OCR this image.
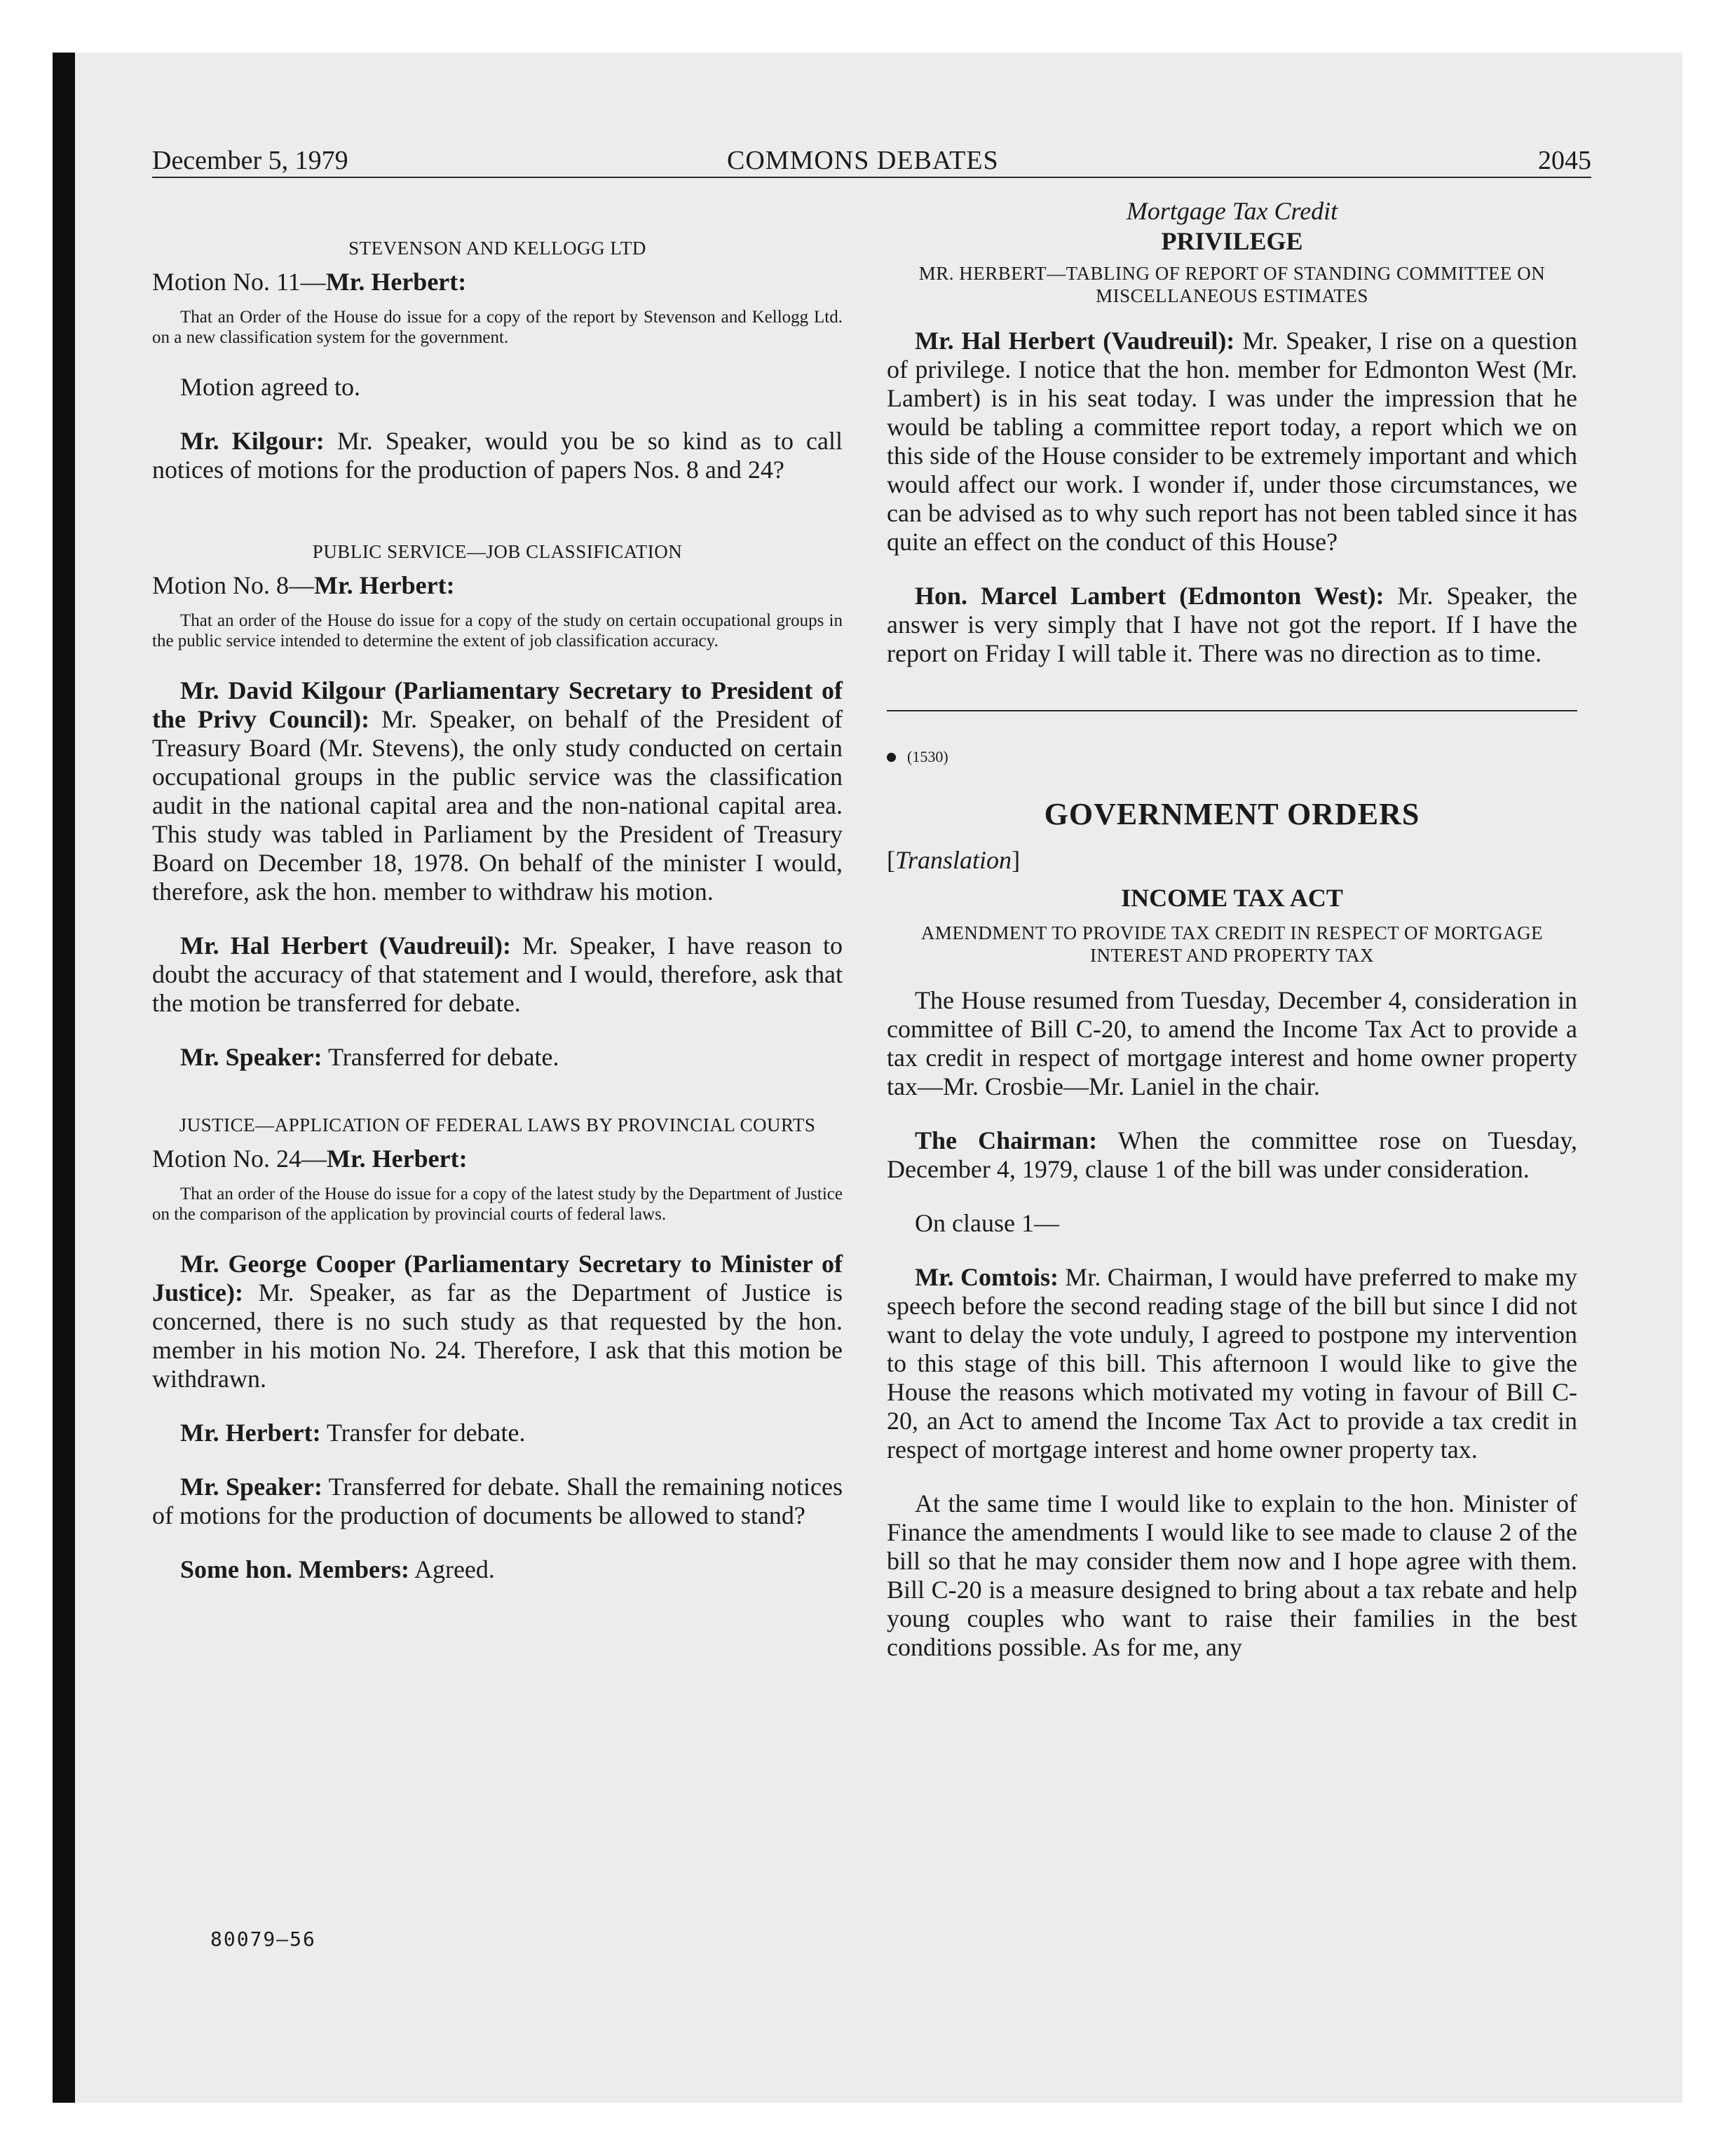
December 5, 1979	COMMONS DEBATES	2045

STEVENSON AND KELLOGG LTD

Motion No. 11—Mr. Herbert:

That an Order of the House do issue for a copy of the report by Stevenson and Kellogg Ltd. on a new classification system for the government.

Motion agreed to.

Mr. Kilgour: Mr. Speaker, would you be so kind as to call notices of motions for the production of papers Nos. 8 and 24?

PUBLIC SERVICE—JOB CLASSIFICATION

Motion No. 8—Mr. Herbert:

That an order of the House do issue for a copy of the study on certain occupational groups in the public service intended to determine the extent of job classification accuracy.

Mr. David Kilgour (Parliamentary Secretary to President of the Privy Council): Mr. Speaker, on behalf of the President of Treasury Board (Mr. Stevens), the only study conducted on certain occupational groups in the public service was the classification audit in the national capital area and the non-national capital area. This study was tabled in Parliament by the President of Treasury Board on December 18, 1978. On behalf of the minister I would, therefore, ask the hon. member to withdraw his motion.

Mr. Hal Herbert (Vaudreuil): Mr. Speaker, I have reason to doubt the accuracy of that statement and I would, therefore, ask that the motion be transferred for debate.

Mr. Speaker: Transferred for debate.

JUSTICE—APPLICATION OF FEDERAL LAWS BY PROVINCIAL COURTS

Motion No. 24—Mr. Herbert:

That an order of the House do issue for a copy of the latest study by the Department of Justice on the comparison of the application by provincial courts of federal laws.

Mr. George Cooper (Parliamentary Secretary to Minister of Justice): Mr. Speaker, as far as the Department of Justice is concerned, there is no such study as that requested by the hon. member in his motion No. 24. Therefore, I ask that this motion be withdrawn.

Mr. Herbert: Transfer for debate.

Mr. Speaker: Transferred for debate. Shall the remaining notices of motions for the production of documents be allowed to stand?

Some hon. Members: Agreed.

Mortgage Tax Credit

PRIVILEGE

MR. HERBERT—TABLING OF REPORT OF STANDING COMMITTEE ON MISCELLANEOUS ESTIMATES

Mr. Hal Herbert (Vaudreuil): Mr. Speaker, I rise on a question of privilege. I notice that the hon. member for Edmonton West (Mr. Lambert) is in his seat today. I was under the impression that he would be tabling a committee report today, a report which we on this side of the House consider to be extremely important and which would affect our work. I wonder if, under those circumstances, we can be advised as to why such report has not been tabled since it has quite an effect on the conduct of this House?

Hon. Marcel Lambert (Edmonton West): Mr. Speaker, the answer is very simply that I have not got the report. If I have the report on Friday I will table it. There was no direction as to time.

(1530)

GOVERNMENT ORDERS

[Translation]

INCOME TAX ACT

AMENDMENT TO PROVIDE TAX CREDIT IN RESPECT OF MORTGAGE INTEREST AND PROPERTY TAX

The House resumed from Tuesday, December 4, consideration in committee of Bill C-20, to amend the Income Tax Act to provide a tax credit in respect of mortgage interest and home owner property tax—Mr. Crosbie—Mr. Laniel in the chair.

The Chairman: When the committee rose on Tuesday, December 4, 1979, clause 1 of the bill was under consideration.

On clause 1—

Mr. Comtois: Mr. Chairman, I would have preferred to make my speech before the second reading stage of the bill but since I did not want to delay the vote unduly, I agreed to postpone my intervention to this stage of this bill. This afternoon I would like to give the House the reasons which motivated my voting in favour of Bill C-20, an Act to amend the Income Tax Act to provide a tax credit in respect of mortgage interest and home owner property tax.

At the same time I would like to explain to the hon. Minister of Finance the amendments I would like to see made to clause 2 of the bill so that he may consider them now and I hope agree with them. Bill C-20 is a measure designed to bring about a tax rebate and help young couples who want to raise their families in the best conditions possible. As for me, any

80079—56
